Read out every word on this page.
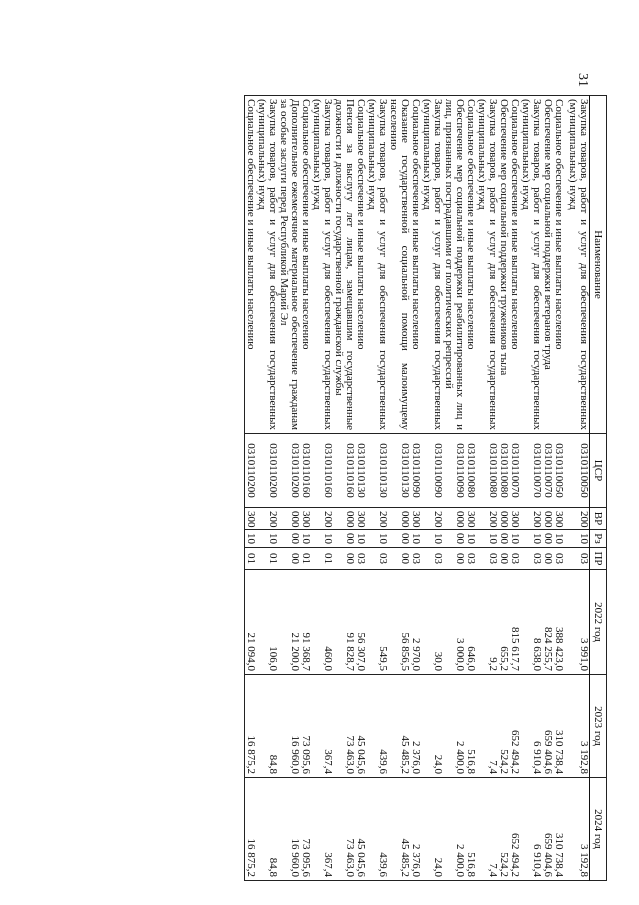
31
Наименование	ЦСР	ВР	Рз	ПР	2022 год	2023 год	2024 год
Закупка товаров, работ и услуг для обеспечения государственных (муниципальных) нужд	0310110050	200	10	03	3 991,0	3 192,8	3 192,8
Социальное обеспечение и иные выплаты населению	0310110050	300	10	03	388 423,0	310 738,4	310 738,4
Обеспечение мер социальной поддержки ветеранов труда	0310110070	000	00	00	824 255,7	659 404,6	659 404,6
Закупка товаров, работ и услуг для обеспечения государственных (муниципальных) нужд	0310110070	200	10	03	8 638,0	6 910,4	6 910,4
Социальное обеспечение и иные выплаты населению	0310110070	300	10	03	815 617,7	652 494,2	652 494,2
Обеспечение мер социальной поддержки тружеников тыла	0310110080	000	00	00	655,2	524,2	524,2
Закупка товаров, работ и услуг для обеспечения государственных (муниципальных) нужд	0310110080	200	10	03	9,2	7,4	7,4
Социальное обеспечение и иные выплаты населению	0310110080	300	10	03	646,0	516,8	516,8
Обеспечение мер социальной поддержки реабилитированных лиц и лиц, признанных пострадавшими от политических репрессий	0310110090	000	00	00	3 000,0	2 400,0	2 400,0
Закупка товаров, работ и услуг для обеспечения государственных (муниципальных) нужд	0310110090	200	10	03	30,0	24,0	24,0
Социальное обеспечение и иные выплаты населению	0310110090	300	10	03	2 970,0	2 376,0	2 376,0
Оказание государственной социальной помощи малоимущему населению	0310110130	000	00	00	56 856,5	45 485,2	45 485,2
Закупка товаров, работ и услуг для обеспечения государственных (муниципальных) нужд	0310110130	200	10	03	549,5	439,6	439,6
Социальное обеспечение и иные выплаты населению	0310110130	300	10	03	56 307,0	45 045,6	45 045,6
Пенсия за выслугу лет лицам, замещавшим государственные должности и должности государственной гражданской службы	0310110160	000	00	00	91 828,7	73 463,0	73 463,0
Закупка товаров, работ и услуг для обеспечения государственных (муниципальных) нужд	0310110160	200	10	01	460,0	367,4	367,4
Социальное обеспечение и иные выплаты населению	0310110160	300	10	01	91 368,7	73 095,6	73 095,6
Дополнительное ежемесячное материальное обеспечение гражданам за особые заслуги перед Республикой Марий Эл	0310110200	000	00	00	21 200,0	16 960,0	16 960,0
Закупка товаров, работ и услуг для обеспечения государственных (муниципальных) нужд	0310110200	200	10	01	106,0	84,8	84,8
Социальное обеспечение и иные выплаты населению	0310110200	300	10	01	21 094,0	16 875,2	16 875,2
